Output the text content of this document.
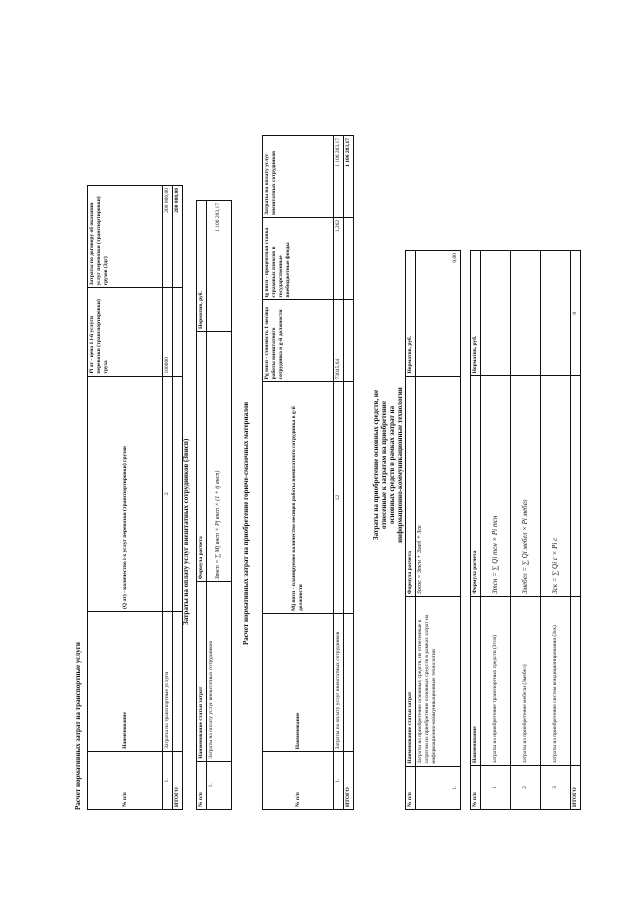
Расчет нормативных затрат на транспортные услуги	№ п/п	Наименование	(Q ат) - количество i-х услуг перевозки (транспортировки) грузов	Pi ат - цена 1 i-й услуги перевозки (транспортировки) груза	Затраты по договору об оказании услуг перевозки (транспортировки) грузов (Здг)
1.	Затраты на транспортные услуги	2	100000	200 000,00
ИТОГО				200 000,00
Затраты на оплату услуг внештатных сотрудников (Звнсп)
№ п/п	Наименование статьи затрат	Формула расчета	Норматив, руб.
1.	Затраты на оплату услуг внештатных сотрудников	Звнсп = ∑ Mj внсп × Pj внсп × (1 + tj внсп)	1 106 203,17
Расчет нормативных затрат на приобретение горюче-смазочных материалов
№ п/п	Наименование	Mj внсп - планируемое количество месяцев работы внештатного сотрудника в g-й должности	Pg внсп - стоимость 1 месяца работы внештатного сотрудника в g-й должности	tg внсп - процентная ставка страховых взносов в государственные внебюджетные фонды	Затраты на оплату услуг внештатных сотрудников
1.	Затраты на оплату услуг внештатных сотрудников	12	73045,64	1,262	1 106 203,17
ИТОГО					1 106 203,17
Затраты на приобретение основных средств, не отнесенные к затратам на приобретение основных средств в рамках затрат на информационно-коммуникационные технологии
№ п/п	Наименование статьи затрат	Формула расчета	Норматив, руб.
1.	Затраты на приобретение основных средств, не отнесенные к затратам на приобретение основных средств в рамках затрат на информационно-коммуникационные технологии	Зосос = Зтсн + Змеб + Зск	0,00
№ п/п	Наименование	Формула расчета	Норматив, руб.
1	затраты на приобретение транспортных средств (Зтсн)	Зтсн = ∑ Qi тсн × Pi тсн	
2	затраты на приобретение мебели (Змебел)	Змебел = ∑ Qi мебел × Pi мебел	
3	затраты на приобретение систем кондиционирования (Зск)	Зск = ∑ Qi c × Pi c	
ИТОГО			0
